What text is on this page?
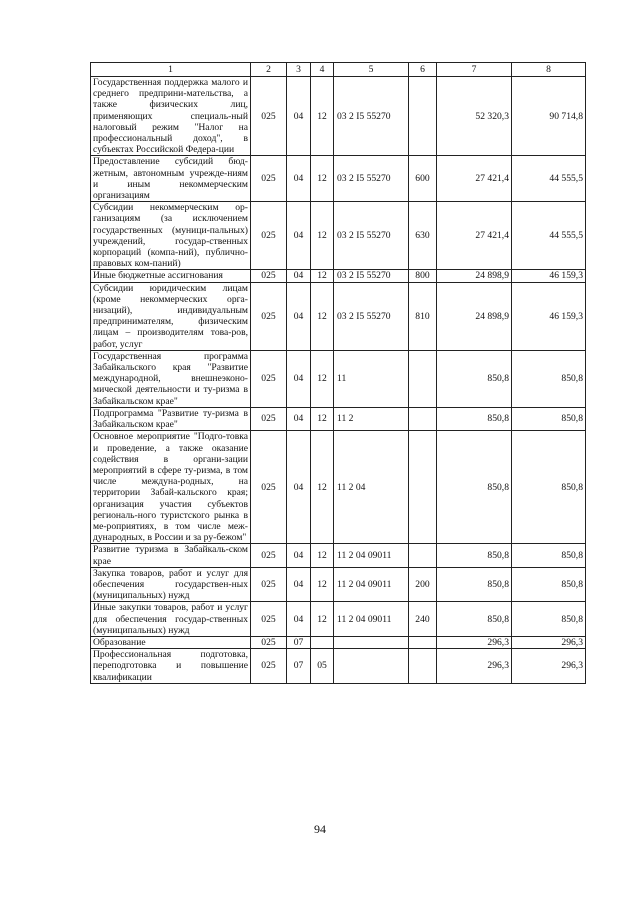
1	2	3	4	5	6	7	8
Государственная поддержка малого и среднего предприни-мательства, а также физических лиц, применяющих специаль-ный налоговый режим "Налог на профессиональный доход", в субъектах Российской Федера-ции	025	04	12	03 2 I5 55270		52 320,3	90 714,8
Предоставление субсидий бюд-жетным, автономным учрежде-ниям и иным некоммерческим организациям	025	04	12	03 2 I5 55270	600	27 421,4	44 555,5
Субсидии некоммерческим ор-ганизациям (за исключением государственных (муници-пальных) учреждений, государ-ственных корпораций (компа-ний), публично-правовых ком-паний)	025	04	12	03 2 I5 55270	630	27 421,4	44 555,5
Иные бюджетные ассигнования	025	04	12	03 2 I5 55270	800	24 898,9	46 159,3
Субсидии юридическим лицам (кроме некоммерческих орга-низаций), индивидуальным предпринимателям, физическим лицам – производителям това-ров, работ, услуг	025	04	12	03 2 I5 55270	810	24 898,9	46 159,3
Государственная программа Забайкальского края "Развитие международной, внешнеэконо-мической деятельности и ту-ризма в Забайкальском крае"	025	04	12	11		850,8	850,8
Подпрограмма "Развитие ту-ризма в Забайкальском крае"	025	04	12	11 2		850,8	850,8
Основное мероприятие "Подго-товка и проведение, а также оказание содействия в органи-зации мероприятий в сфере ту-ризма, в том числе междуна-родных, на территории Забай-кальского края; организация участия субъектов региональ-ного туристского рынка в ме-роприятиях, в том числе меж-дународных, в России и за ру-бежом"	025	04	12	11 2 04		850,8	850,8
Развитие туризма в Забайкаль-ском крае	025	04	12	11 2 04 09011		850,8	850,8
Закупка товаров, работ и услуг для обеспечения государствен-ных (муниципальных) нужд	025	04	12	11 2 04 09011	200	850,8	850,8
Иные закупки товаров, работ и услуг для обеспечения государ-ственных (муниципальных) нужд	025	04	12	11 2 04 09011	240	850,8	850,8
Образование	025	07				296,3	296,3
Профессиональная подготовка, переподготовка и повышение квалификации	025	07	05			296,3	296,3
94
